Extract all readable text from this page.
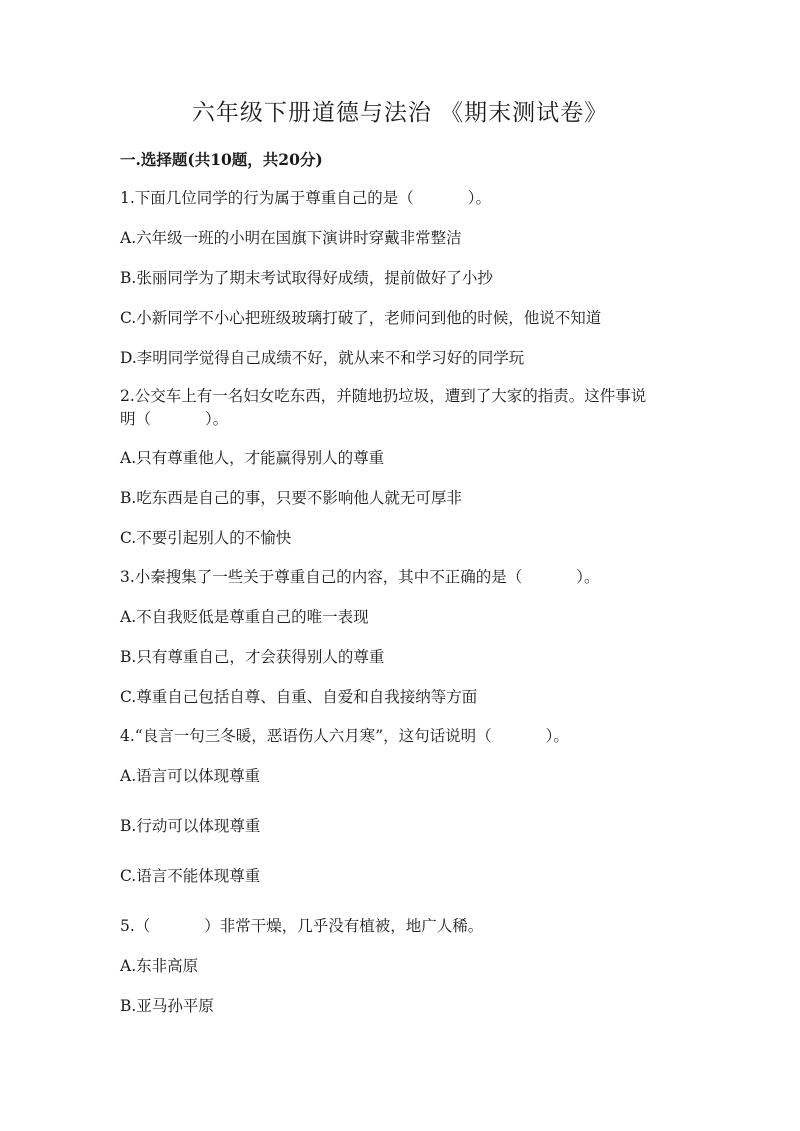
六年级下册道德与法治 《期末测试卷》
一.选择题(共10题，共20分)
1.下面几位同学的行为属于尊重自己的是（	）。
A.六年级一班的小明在国旗下演讲时穿戴非常整洁
B.张丽同学为了期末考试取得好成绩，提前做好了小抄
C.小新同学不小心把班级玻璃打破了，老师问到他的时候，他说不知道
D.李明同学觉得自己成绩不好，就从来不和学习好的同学玩
2.公交车上有一名妇女吃东西，并随地扔垃圾，遭到了大家的指责。这件事说
明（	）。
A.只有尊重他人，才能赢得别人的尊重
B.吃东西是自己的事，只要不影响他人就无可厚非
C.不要引起别人的不愉快
3.小秦搜集了一些关于尊重自己的内容，其中不正确的是（	）。
A.不自我贬低是尊重自己的唯一表现
B.只有尊重自己，才会获得别人的尊重
C.尊重自己包括自尊、自重、自爱和自我接纳等方面
4.“良言一句三冬暖，恶语伤人六月寒”，这句话说明（	）。
A.语言可以体现尊重
B.行动可以体现尊重
C.语言不能体现尊重
5.（	）非常干燥，几乎没有植被，地广人稀。
A.东非高原
B.亚马孙平原
